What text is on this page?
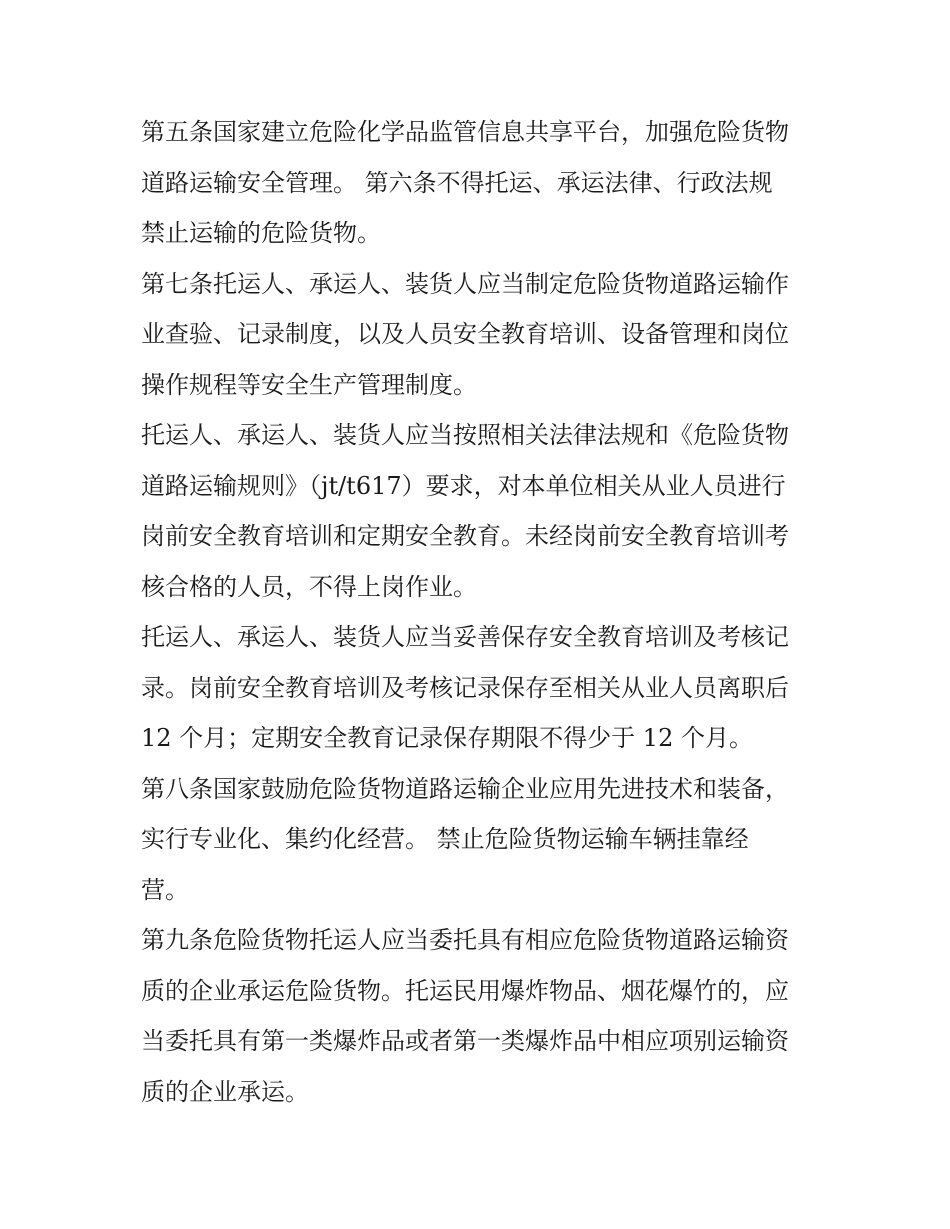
第五条国家建立危险化学品监管信息共享平台，加强危险货物
道路运输安全管理。 第六条不得托运、承运法律、行政法规
禁止运输的危险货物。
第七条托运人、承运人、装货人应当制定危险货物道路运输作
业查验、记录制度，以及人员安全教育培训、设备管理和岗位
操作规程等安全生产管理制度。
托运人、承运人、装货人应当按照相关法律法规和《危险货物
道路运输规则》（jt/t617）要求，对本单位相关从业人员进行
岗前安全教育培训和定期安全教育。未经岗前安全教育培训考
核合格的人员，不得上岗作业。
托运人、承运人、装货人应当妥善保存安全教育培训及考核记
录。岗前安全教育培训及考核记录保存至相关从业人员离职后
12 个月；定期安全教育记录保存期限不得少于 12 个月。
第八条国家鼓励危险货物道路运输企业应用先进技术和装备，
实行专业化、集约化经营。 禁止危险货物运输车辆挂靠经
营。
第九条危险货物托运人应当委托具有相应危险货物道路运输资
质的企业承运危险货物。托运民用爆炸物品、烟花爆竹的，应
当委托具有第一类爆炸品或者第一类爆炸品中相应项别运输资
质的企业承运。
